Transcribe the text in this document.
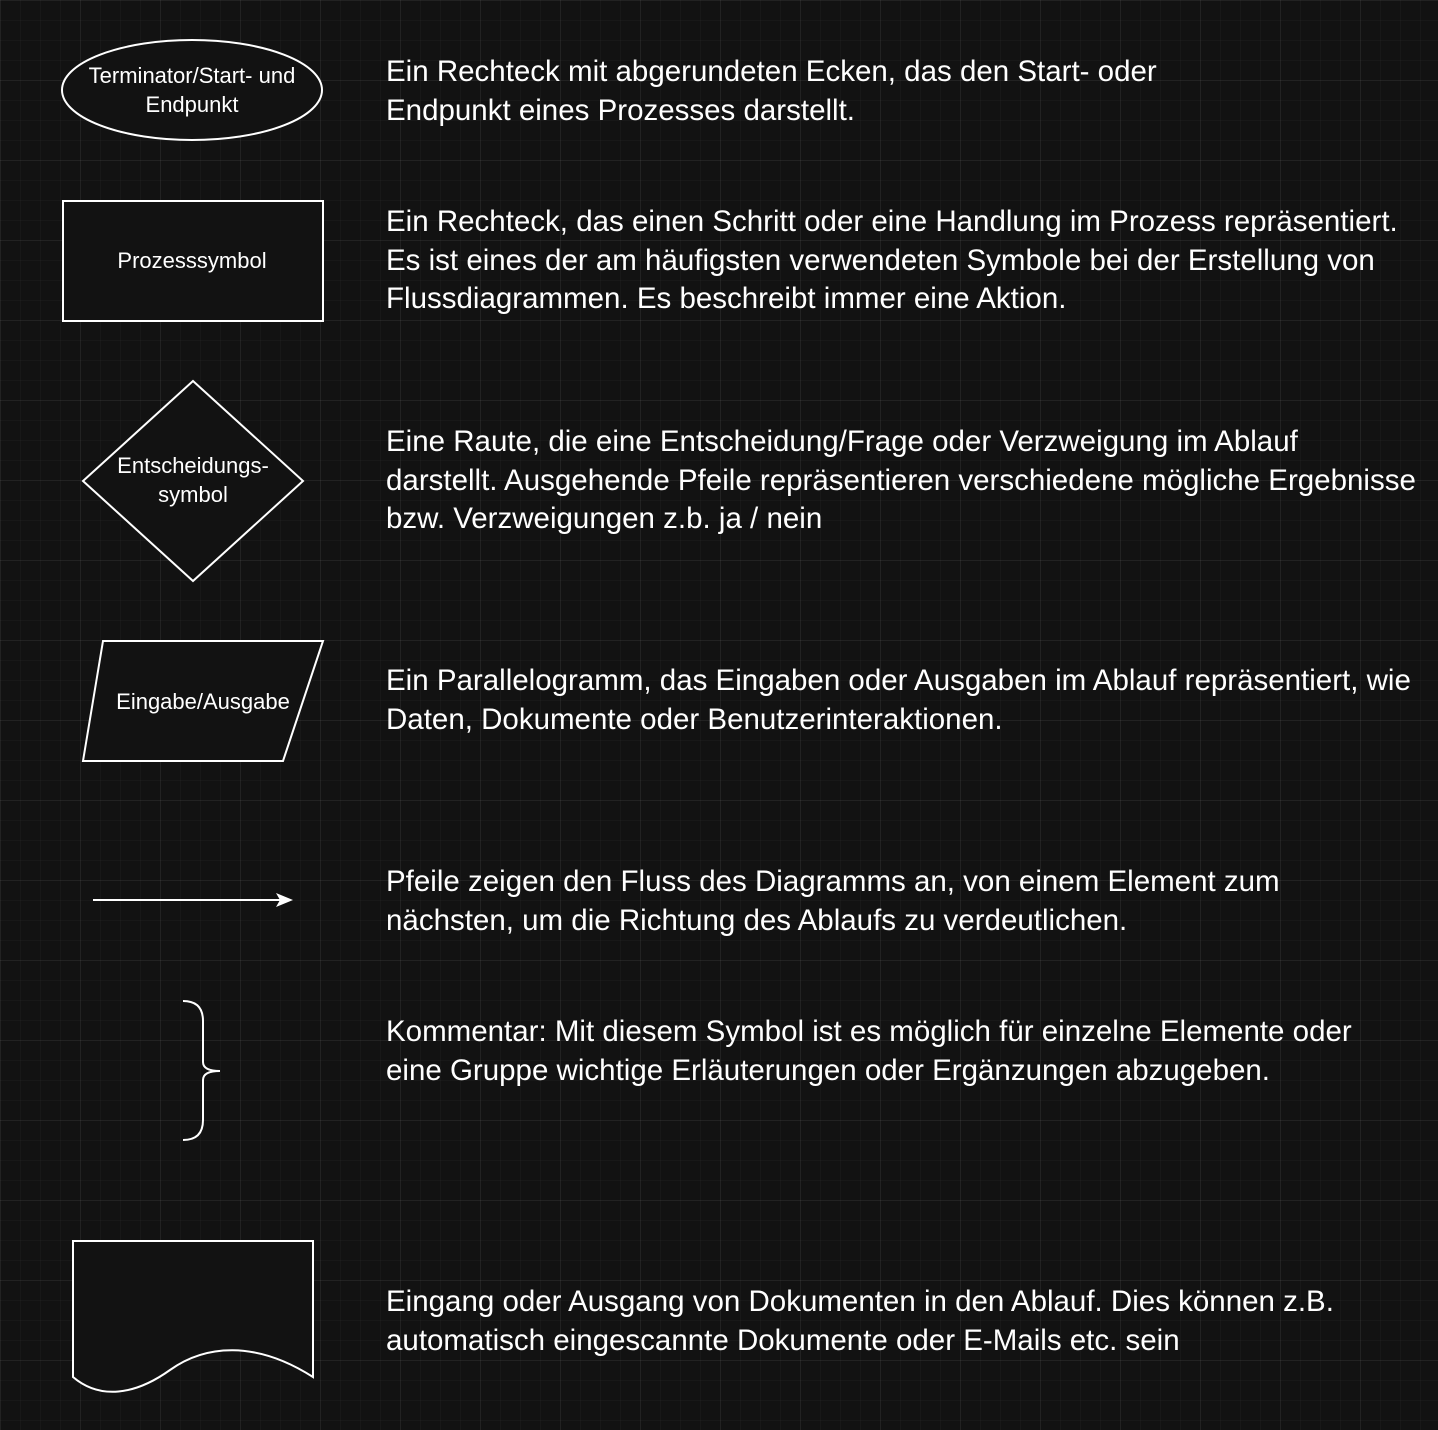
Terminator/Start- und Endpunkt
Prozesssymbol
Entscheidungs-symbol
Eingabe/Ausgabe
Ein Rechteck mit abgerundeten Ecken, das den Start- oder Endpunkt eines Prozesses darstellt.
Ein Rechteck, das einen Schritt oder eine Handlung im Prozess repräsentiert. Es ist eines der am häufigsten verwendeten Symbole bei der Erstellung von Flussdiagrammen. Es beschreibt immer eine Aktion.
Eine Raute, die eine Entscheidung/Frage oder Verzweigung im Ablauf darstellt. Ausgehende Pfeile repräsentieren verschiedene mögliche Ergebnisse bzw. Verzweigungen z.b. ja / nein
Ein Parallelogramm, das Eingaben oder Ausgaben im Ablauf repräsentiert, wie Daten, Dokumente oder Benutzerinteraktionen.
Pfeile zeigen den Fluss des Diagramms an, von einem Element zum nächsten, um die Richtung des Ablaufs zu verdeutlichen.
Kommentar: Mit diesem Symbol ist es möglich für einzelne Elemente oder eine Gruppe wichtige Erläuterungen oder Ergänzungen abzugeben.
Eingang oder Ausgang von Dokumenten in den Ablauf. Dies können z.B. automatisch eingescannte Dokumente oder E-Mails etc. sein
